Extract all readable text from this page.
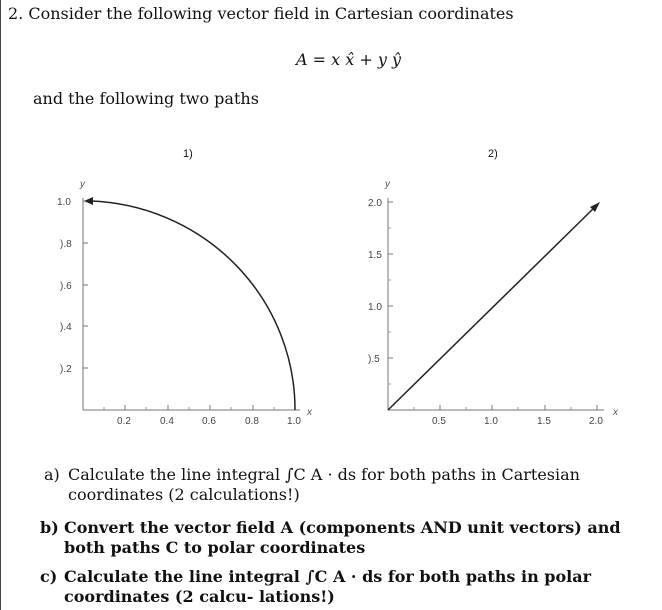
2. Consider the following vector field in Cartesian coordinates
A = x x̂ + y ŷ
and the following two paths
1)
y
x
1.0
).8
).6
).4
).2
0.2	0.4	0.6	0.8	1.0
2)
y
x
2.0
1.5
1.0
).5
0.5	1.0	1.5	2.0
a) Calculate the line integral ∫C A · ds for both paths in Cartesian coordinates (2 calculations!)
b) Convert the vector field A (components AND unit vectors) and both paths C to polar coordinates
c) Calculate the line integral ∫C A · ds for both paths in polar coordinates (2 calcu- lations!)
